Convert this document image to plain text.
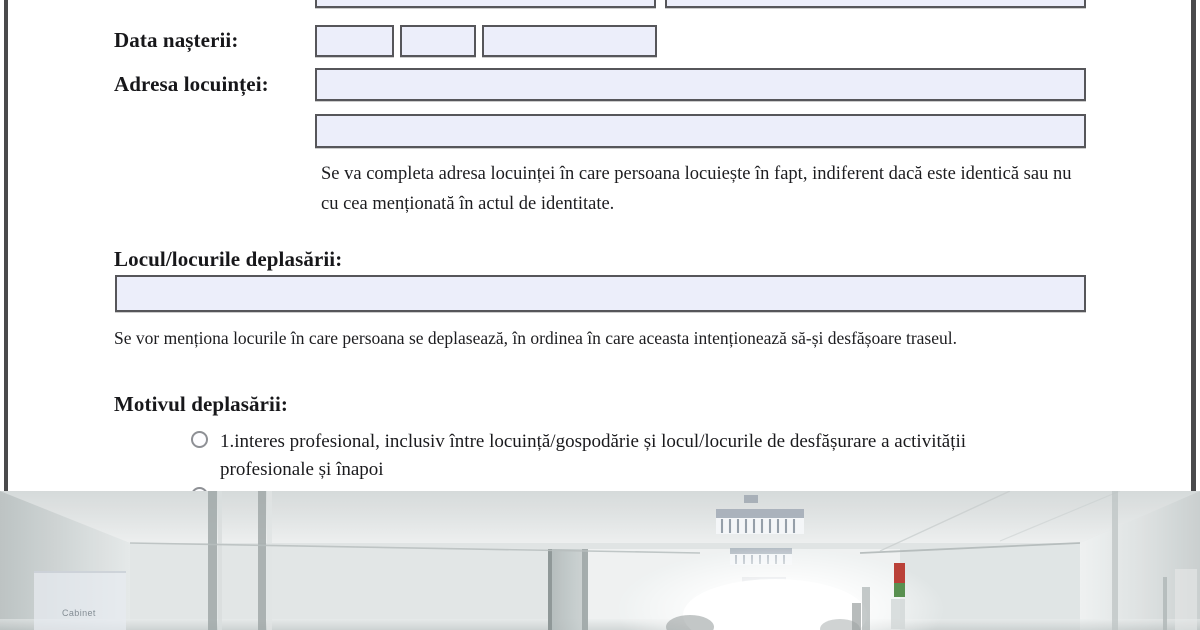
Data nașterii:
Adresa locuinței:
Se va completa adresa locuinței în care persoana locuiește în fapt, indiferent dacă este identică sau nu cu cea menționată în actul de identitate.
Locul/locurile deplasării:
Se vor menționa locurile în care persoana se deplasează, în ordinea în care aceasta intenționează să-și desfășoare traseul.
Motivul deplasării:
1.interes profesional, inclusiv între locuință/gospodărie și locul/locurile de desfășurare a activității profesionale și înapoi
Cabinet
